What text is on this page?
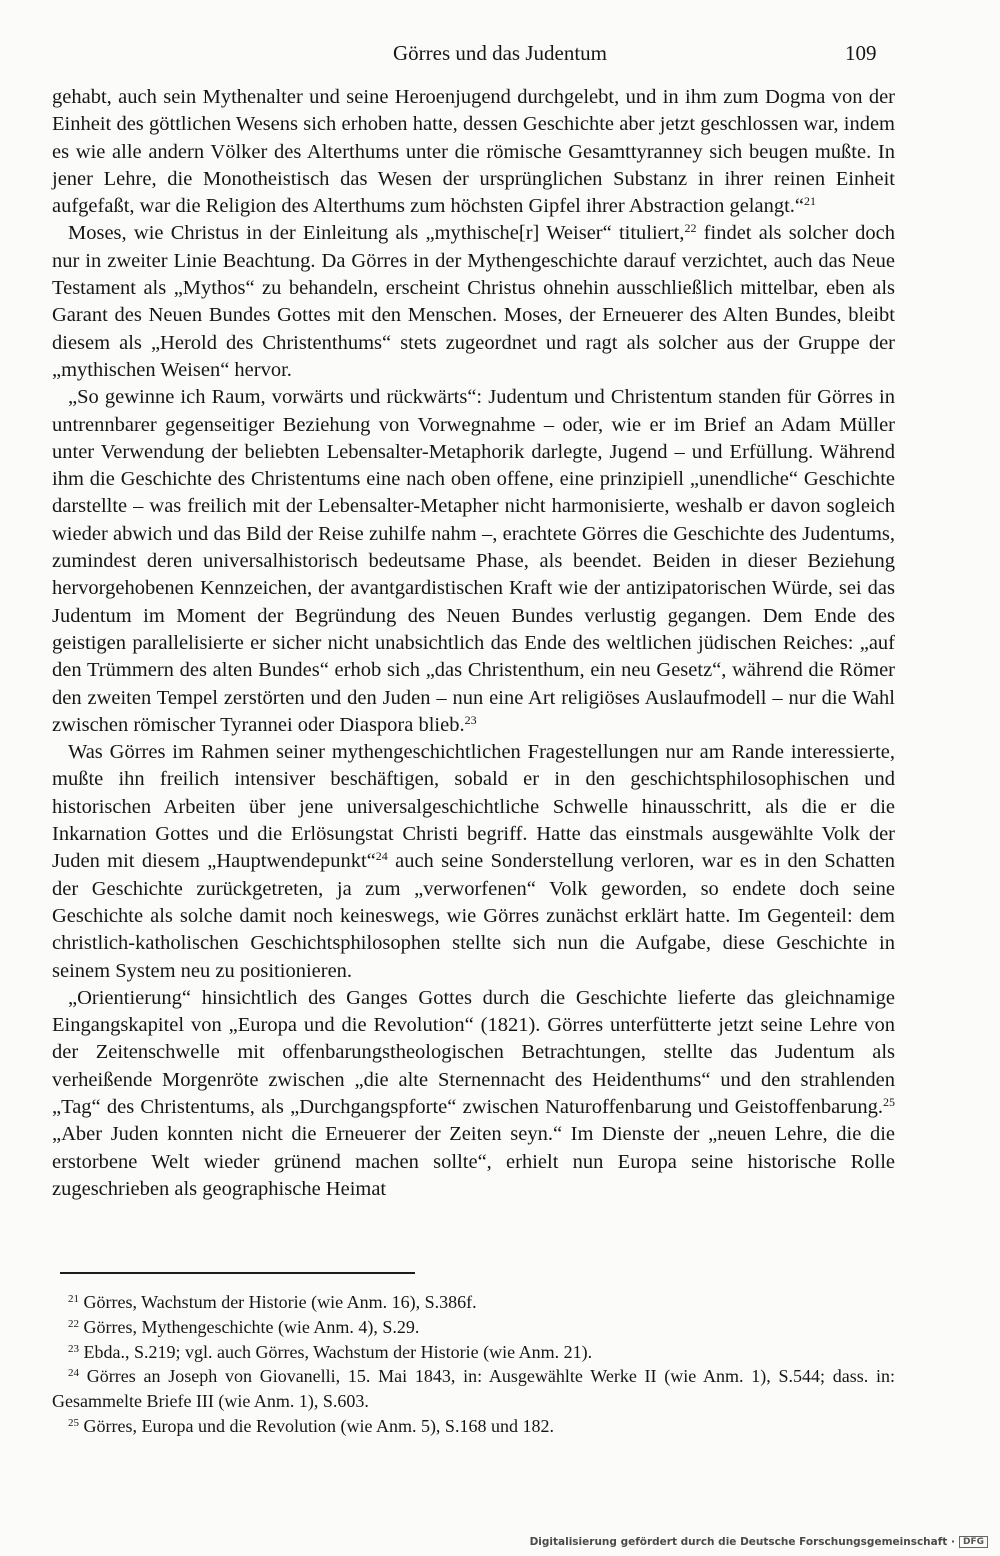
Görres und das Judentum	109

gehabt, auch sein Mythenalter und seine Heroenjugend durchgelebt, und in ihm zum Dogma von der Einheit des göttlichen Wesens sich erhoben hatte, dessen Geschichte aber jetzt geschlossen war, indem es wie alle andern Völker des Alterthums unter die römische Gesamttyranney sich beugen mußte. In jener Lehre, die Monotheistisch das Wesen der ursprünglichen Substanz in ihrer reinen Einheit aufgefaßt, war die Religion des Alterthums zum höchsten Gipfel ihrer Abstraction gelangt.“$^{21}$

Moses, wie Christus in der Einleitung als „mythische[r] Weiser“ tituliert,$^{22}$ findet als solcher doch nur in zweiter Linie Beachtung. Da Görres in der Mythengeschichte darauf verzichtet, auch das Neue Testament als „Mythos“ zu behandeln, erscheint Christus ohnehin ausschließlich mittelbar, eben als Garant des Neuen Bundes Gottes mit den Menschen. Moses, der Erneuerer des Alten Bundes, bleibt diesem als „Herold des Christenthums“ stets zugeordnet und ragt als solcher aus der Gruppe der „mythischen Weisen“ hervor.

„So gewinne ich Raum, vorwärts und rückwärts“: Judentum und Christentum standen für Görres in untrennbarer gegenseitiger Beziehung von Vorwegnahme – oder, wie er im Brief an Adam Müller unter Verwendung der beliebten Lebensalter-Metaphorik darlegte, Jugend – und Erfüllung. Während ihm die Geschichte des Christentums eine nach oben offene, eine prinzipiell „unendliche“ Geschichte darstellte – was freilich mit der Lebensalter-Metapher nicht harmonisierte, weshalb er davon sogleich wieder abwich und das Bild der Reise zuhilfe nahm –, erachtete Görres die Geschichte des Judentums, zumindest deren universalhistorisch bedeutsame Phase, als beendet. Beiden in dieser Beziehung hervorgehobenen Kennzeichen, der avantgardistischen Kraft wie der antizipatorischen Würde, sei das Judentum im Moment der Begründung des Neuen Bundes verlustig gegangen. Dem Ende des geistigen parallelisierte er sicher nicht unabsichtlich das Ende des weltlichen jüdischen Reiches: „auf den Trümmern des alten Bundes“ erhob sich „das Christenthum, ein neu Gesetz“, während die Römer den zweiten Tempel zerstörten und den Juden – nun eine Art religiöses Auslaufmodell – nur die Wahl zwischen römischer Tyrannei oder Diaspora blieb.$^{23}$

Was Görres im Rahmen seiner mythengeschichtlichen Fragestellungen nur am Rande interessierte, mußte ihn freilich intensiver beschäftigen, sobald er in den geschichtsphilosophischen und historischen Arbeiten über jene universalgeschichtliche Schwelle hinausschritt, als die er die Inkarnation Gottes und die Erlösungstat Christi begriff. Hatte das einstmals ausgewählte Volk der Juden mit diesem „Hauptwendepunkt“$^{24}$ auch seine Sonderstellung verloren, war es in den Schatten der Geschichte zurückgetreten, ja zum „verworfenen“ Volk geworden, so endete doch seine Geschichte als solche damit noch keineswegs, wie Görres zunächst erklärt hatte. Im Gegenteil: dem christlich-katholischen Geschichtsphilosophen stellte sich nun die Aufgabe, diese Geschichte in seinem System neu zu positionieren.

„Orientierung“ hinsichtlich des Ganges Gottes durch die Geschichte lieferte das gleichnamige Eingangskapitel von „Europa und die Revolution“ (1821). Görres unterfütterte jetzt seine Lehre von der Zeitenschwelle mit offenbarungstheologischen Betrachtungen, stellte das Judentum als verheißende Morgenröte zwischen „die alte Sternennacht des Heidenthums“ und den strahlenden „Tag“ des Christentums, als „Durchgangspforte“ zwischen Naturoffenbarung und Geistoffenbarung.$^{25}$ „Aber Juden konnten nicht die Erneuerer der Zeiten seyn.“ Im Dienste der „neuen Lehre, die die erstorbene Welt wieder grünend machen sollte“, erhielt nun Europa seine historische Rolle zugeschrieben als geographische Heimat

$^{21}$ Görres, Wachstum der Historie (wie Anm. 16), S.386f.

$^{22}$ Görres, Mythengeschichte (wie Anm. 4), S.29.

$^{23}$ Ebda., S.219; vgl. auch Görres, Wachstum der Historie (wie Anm. 21).

$^{24}$ Görres an Joseph von Giovanelli, 15. Mai 1843, in: Ausgewählte Werke II (wie Anm. 1), S.544; dass. in: Gesammelte Briefe III (wie Anm. 1), S.603.

$^{25}$ Görres, Europa und die Revolution (wie Anm. 5), S.168 und 182.

Digitalisierung gefördert durch die Deutsche Forschungsgemeinschaft · DFG
